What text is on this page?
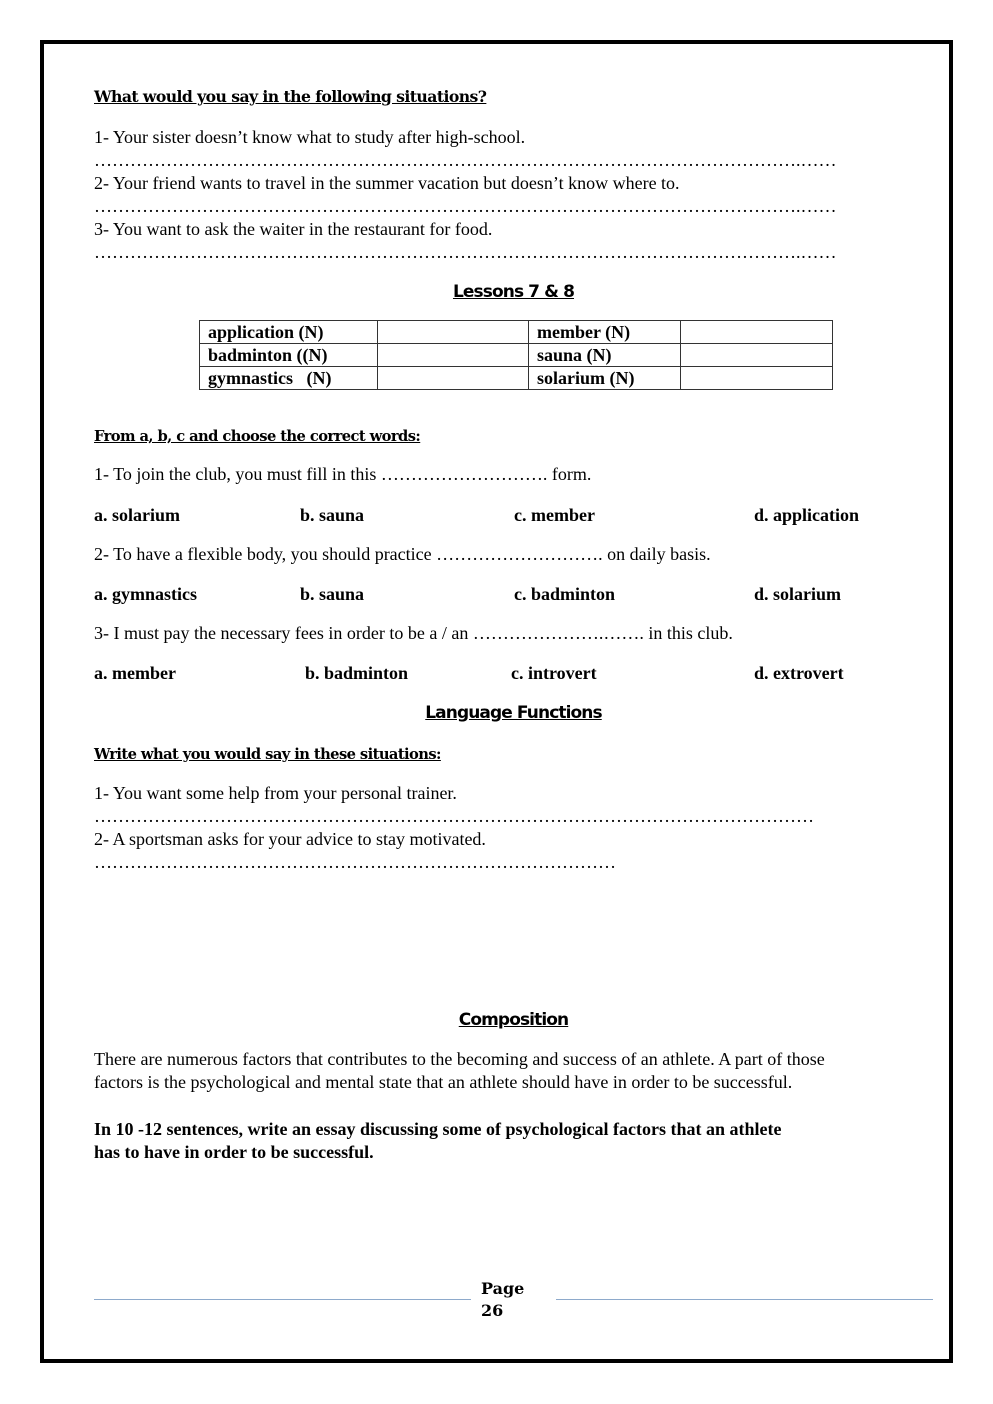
What would you say in the following situations?
1- Your sister doesn’t know what to study after high-school.
……………………………………………………………………………………………………….……
2- Your friend wants to travel in the summer vacation but doesn’t know where to.
……………………………………………………………………………………………………….……
3- You want to ask the waiter in the restaurant for food.
……………………………………………………………………………………………………….……
Lessons 7 & 8
application (N)		member (N)	
badminton ((N)		sauna (N)	
gymnastics   (N)		solarium (N)	
From a, b, c and choose the correct words:
1- To join the club, you must fill in this ………………………. form.
a. solarium	b. sauna	c. member	d. application
2- To have a flexible body, you should practice ………………………. on daily basis.
a. gymnastics	b. sauna	c. badminton	d. solarium
3- I must pay the necessary fees in order to be a / an ………………….……. in this club.
a. member	b. badminton	c. introvert	d. extrovert
Language Functions
Write what you would say in these situations:
1- You want some help from your personal trainer.
…………………………………………………………………………………………………………
2- A sportsman asks for your advice to stay motivated.
……………………………………………………………………………
Composition
There are numerous factors that contributes to the becoming and success of an athlete. A part of those
factors is the psychological and mental state that an athlete should have in order to be successful.
In 10 -12 sentences, write an essay discussing some of psychological factors that an athlete
has to have in order to be successful.
Page
26
